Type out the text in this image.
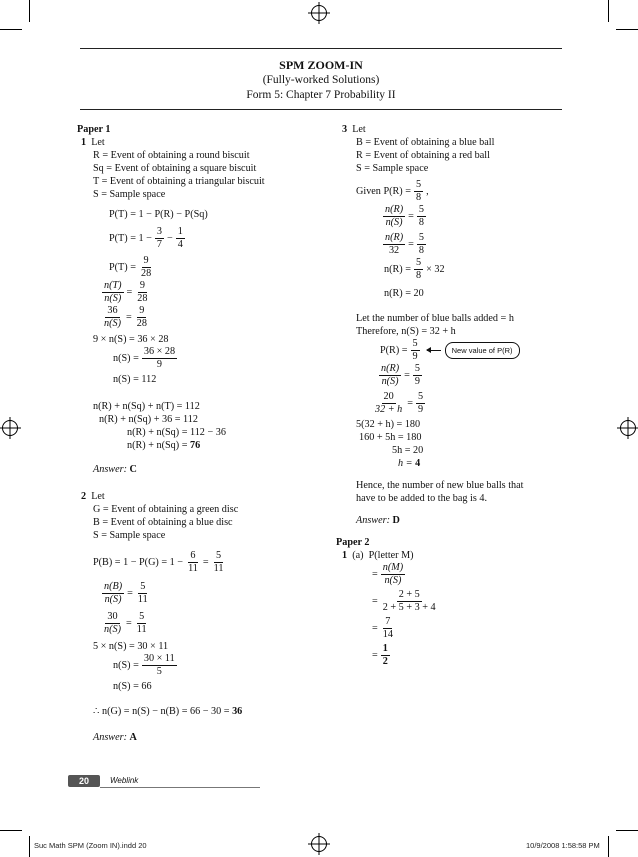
SPM ZOOM-IN
(Fully-worked Solutions)
Form 5: Chapter 7 Probability II
Paper 1
1 Let
R = Event of obtaining a round biscuit
Sq = Event of obtaining a square biscuit
T = Event of obtaining a triangular biscuit
S = Sample space
P(T) = 1 − P(R) − P(Sq)
$P(T) = 1 - \frac{3}{7} - \frac{1}{4}$
$P(T) = \frac{9}{28}$
$\frac{n(T)}{n(S)} = \frac{9}{28}$
$\frac{36}{n(S)} = \frac{9}{28}$
9 × n(S) = 36 × 28
$n(S) = \frac{36 \times 28}{9}$
n(S) = 112
n(R) + n(Sq) + n(T) = 112
n(R) + n(Sq) + 36 = 112
n(R) + n(Sq) = 112 − 36
n(R) + n(Sq) = 76
Answer: C
2 Let
G = Event of obtaining a green disc
B = Event of obtaining a blue disc
S = Sample space
$P(B) = 1 - P(G) = 1 - \frac{6}{11} = \frac{5}{11}$
$\frac{n(B)}{n(S)} = \frac{5}{11}$
$\frac{30}{n(S)} = \frac{5}{11}$
5 × n(S) = 30 × 11
$n(S) = \frac{30 \times 11}{5}$
n(S) = 66
∴ n(G) = n(S) − n(B) = 66 − 30 = 36
Answer: A
3 Let
B = Event of obtaining a blue ball
R = Event of obtaining a red ball
S = Sample space
Given $P(R) = \frac{5}{8}$ ,
$\frac{n(R)}{n(S)} = \frac{5}{8}$
$\frac{n(R)}{32} = \frac{5}{8}$
$n(R) = \frac{5}{8} \times 32$
n(R) = 20
Let the number of blue balls added = h
Therefore, n(S) = 32 + h
$P(R) = \frac{5}{9}$	New value of P(R)
$\frac{n(R)}{n(S)} = \frac{5}{9}$
$\frac{20}{32 + h} = \frac{5}{9}$
5(32 + h) = 180
160 + 5h = 180
5h = 20
h = 4
Hence, the number of new blue balls that
have to be added to the bag is 4.
Answer: D
Paper 2
1 (a) P(letter M)
= $\frac{n(M)}{n(S)}$
= $\frac{2 + 5}{2 + 5 + 3 + 4}$
= $\frac{7}{14}$
= $\frac{1}{2}$
20	Weblink
Suc Math SPM (Zoom IN).indd 20	10/9/2008 1:58:58 PM
